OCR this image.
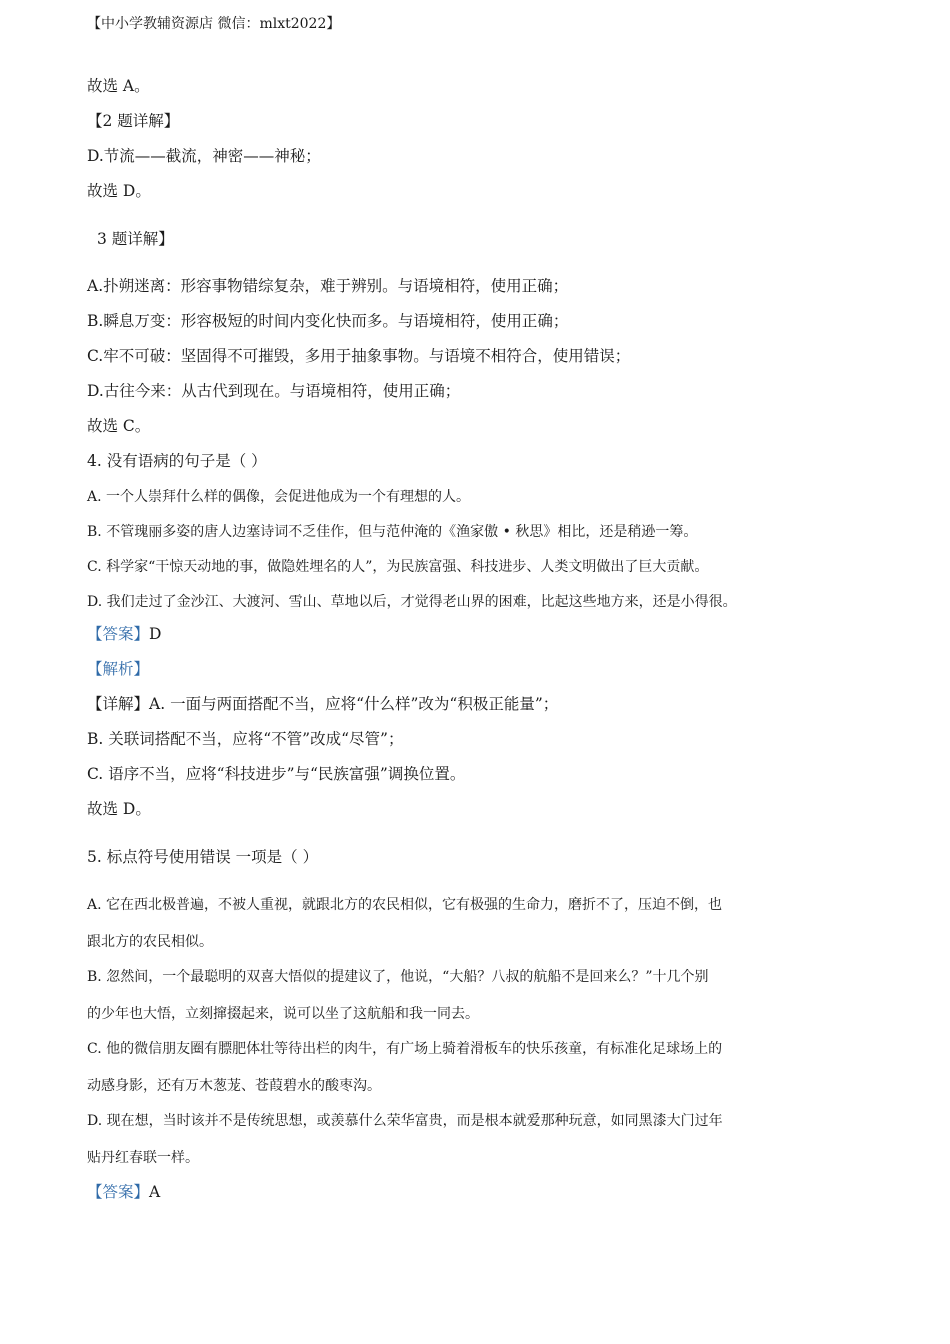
【中小学教辅资源店 微信：mlxt2022】
故选 A。
【2 题详解】
D.节流——截流，神密——神秘；
故选 D。
3 题详解】
A.扑朔迷离：形容事物错综复杂，难于辨别。与语境相符，使用正确；
B.瞬息万变：形容极短的时间内变化快而多。与语境相符，使用正确；
C.牢不可破：坚固得不可摧毁，多用于抽象事物。与语境不相符合，使用错误；
D.古往今来：从古代到现在。与语境相符，使用正确；
故选 C。
4. 没有语病的句子是（ ）
A. 一个人崇拜什么样的偶像，会促进他成为一个有理想的人。
B. 不管瑰丽多姿的唐人边塞诗词不乏佳作，但与范仲淹的《渔家傲 • 秋思》相比，还是稍逊一筹。
C. 科学家“干惊天动地的事，做隐姓埋名的人”，为民族富强、科技进步、人类文明做出了巨大贡献。
D. 我们走过了金沙江、大渡河、雪山、草地以后，才觉得老山界的困难，比起这些地方来，还是小得很。
【答案】D
【解析】
【详解】A. 一面与两面搭配不当，应将“什么样”改为“积极正能量”；
B. 关联词搭配不当，应将“不管”改成“尽管”；
C. 语序不当，应将“科技进步”与“民族富强”调换位置。
故选 D。
5. 标点符号使用错误 一项是（ ）
A. 它在西北极普遍，不被人重视，就跟北方的农民相似，它有极强的生命力，磨折不了，压迫不倒，也
跟北方的农民相似。
B. 忽然间，一个最聪明的双喜大悟似的提建议了，他说，“大船？八叔的航船不是回来么？”十几个别
的少年也大悟，立刻撺掇起来，说可以坐了这航船和我一同去。
C. 他的微信朋友圈有膘肥体壮等待出栏的肉牛，有广场上骑着滑板车的快乐孩童，有标准化足球场上的
动感身影，还有万木葱茏、苍葭碧水的酸枣沟。
D. 现在想，当时该并不是传统思想，或羡慕什么荣华富贵，而是根本就爱那种玩意，如同黑漆大门过年
贴丹红春联一样。
【答案】A
